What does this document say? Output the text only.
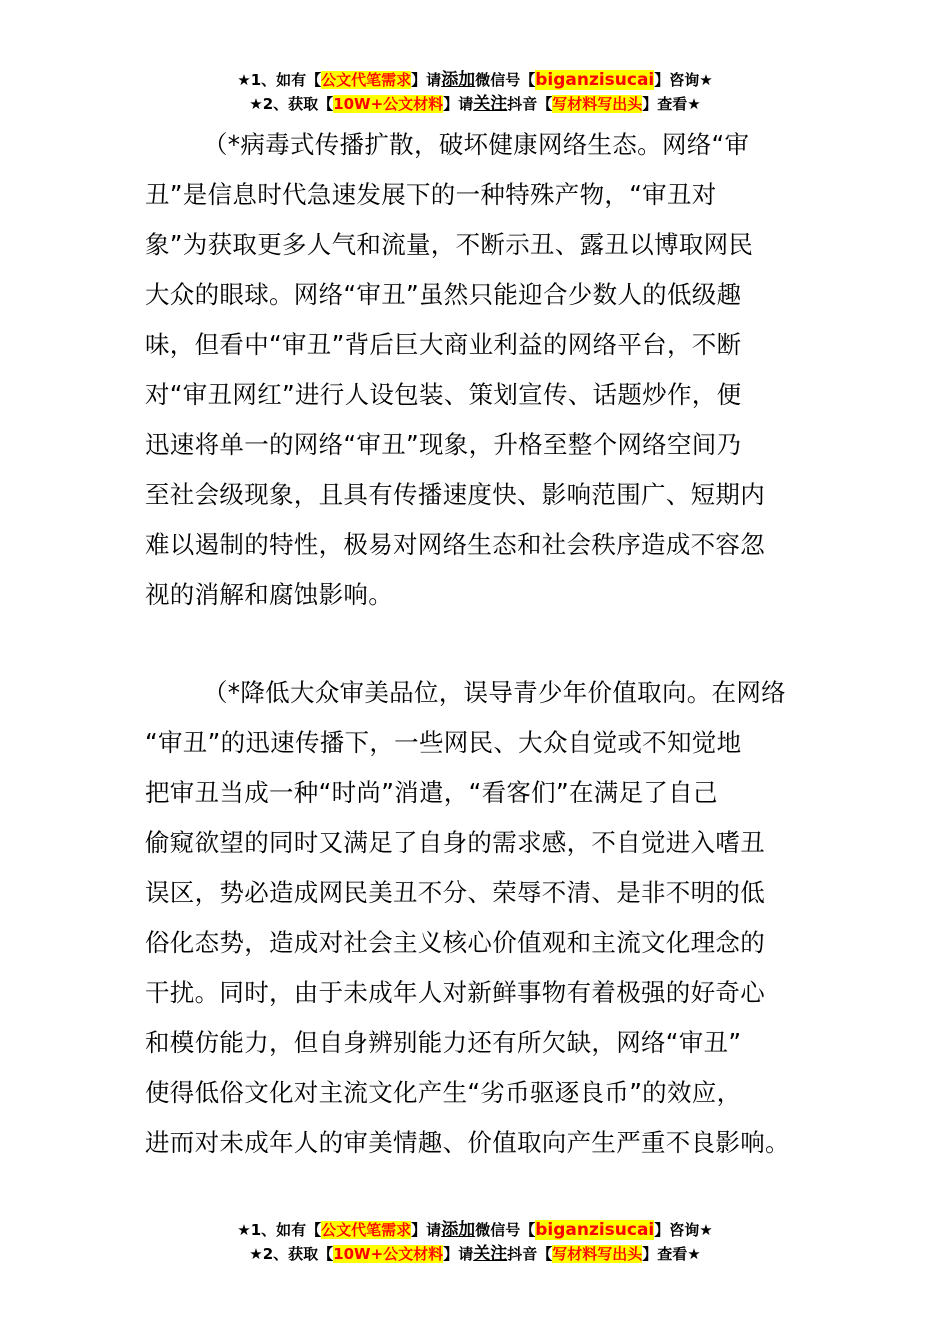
★1、如有【公文代笔需求】请添加微信号【biganzisucai】咨询★
★2、获取【10W+公文材料】请关注抖音【写材料写出头】查看★
（*病毒式传播扩散，破坏健康网络生态。网络“审
丑”是信息时代急速发展下的一种特殊产物，“审丑对
象”为获取更多人气和流量，不断示丑、露丑以博取网民
大众的眼球。网络“审丑”虽然只能迎合少数人的低级趣
味，但看中“审丑”背后巨大商业利益的网络平台，不断
对“审丑网红”进行人设包装、策划宣传、话题炒作，便
迅速将单一的网络“审丑”现象，升格至整个网络空间乃
至社会级现象，且具有传播速度快、影响范围广、短期内
难以遏制的特性，极易对网络生态和社会秩序造成不容忽
视的消解和腐蚀影响。
（*降低大众审美品位，误导青少年价值取向。在网络
“审丑”的迅速传播下，一些网民、大众自觉或不知觉地
把审丑当成一种“时尚”消遣，“看客们”在满足了自己
偷窥欲望的同时又满足了自身的需求感，不自觉进入嗜丑
误区，势必造成网民美丑不分、荣辱不清、是非不明的低
俗化态势，造成对社会主义核心价值观和主流文化理念的
干扰。同时，由于未成年人对新鲜事物有着极强的好奇心
和模仿能力，但自身辨别能力还有所欠缺，网络“审丑”
使得低俗文化对主流文化产生“劣币驱逐良币”的效应，
进而对未成年人的审美情趣、价值取向产生严重不良影响。
★1、如有【公文代笔需求】请添加微信号【biganzisucai】咨询★
★2、获取【10W+公文材料】请关注抖音【写材料写出头】查看★
